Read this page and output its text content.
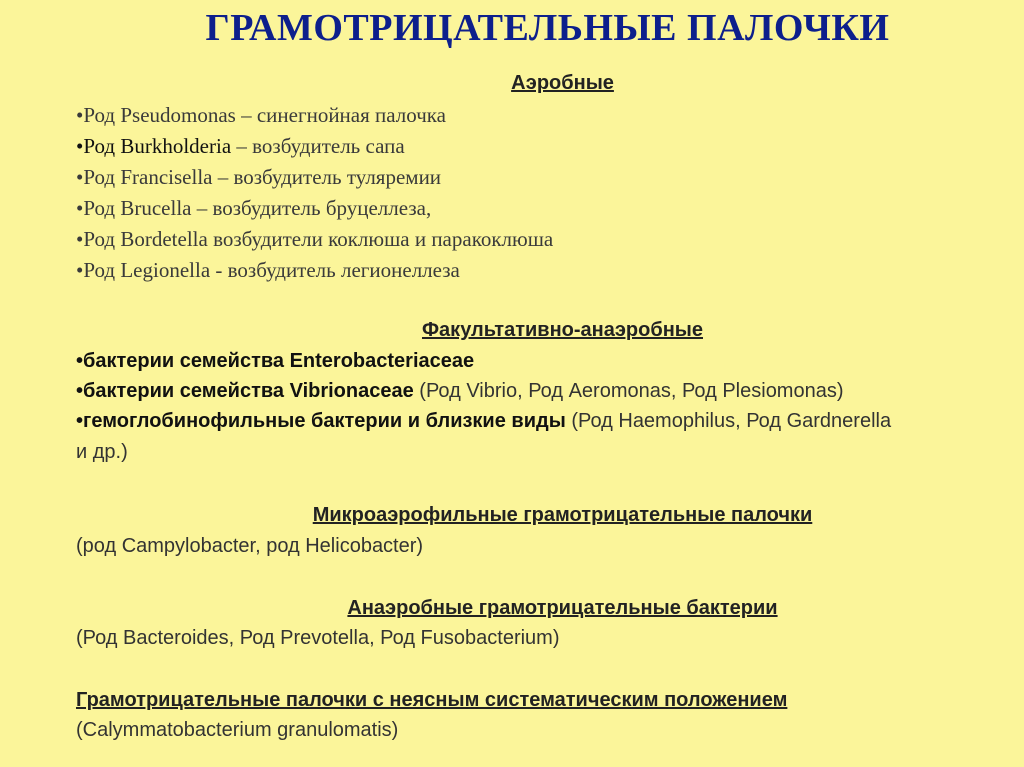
ГРАМОТРИЦАТЕЛЬНЫЕ ПАЛОЧКИ
Аэробные
•Род Pseudomonas – синегнойная палочка
•Род Burkholderia – возбудитель сапа
•Род Francisella – возбудитель туляремии
•Род Brucella – возбудитель бруцеллеза,
•Род Bordetella возбудители коклюша и паракоклюша
•Род Legionella - возбудитель легионеллеза
Факультативно-анаэробные
•бактерии семейства Enterobacteriaceae
•бактерии семейства Vibrionaceae (Род Vibrio, Род Aeromonas, Род Plesiomonas)
•гемоглобинофильные бактерии и близкие виды (Род Haemophilus, Род Gardnerella
и др.)
Микроаэрофильные грамотрицательные палочки
(род Campylobacter, род Helicobacter)
Анаэробные грамотрицательные бактерии
(Род Bacteroides, Род Prevotella, Род Fusobacterium)
Грамотрицательные палочки с неясным систематическим положением
(Calymmatobacterium granulomatis)
